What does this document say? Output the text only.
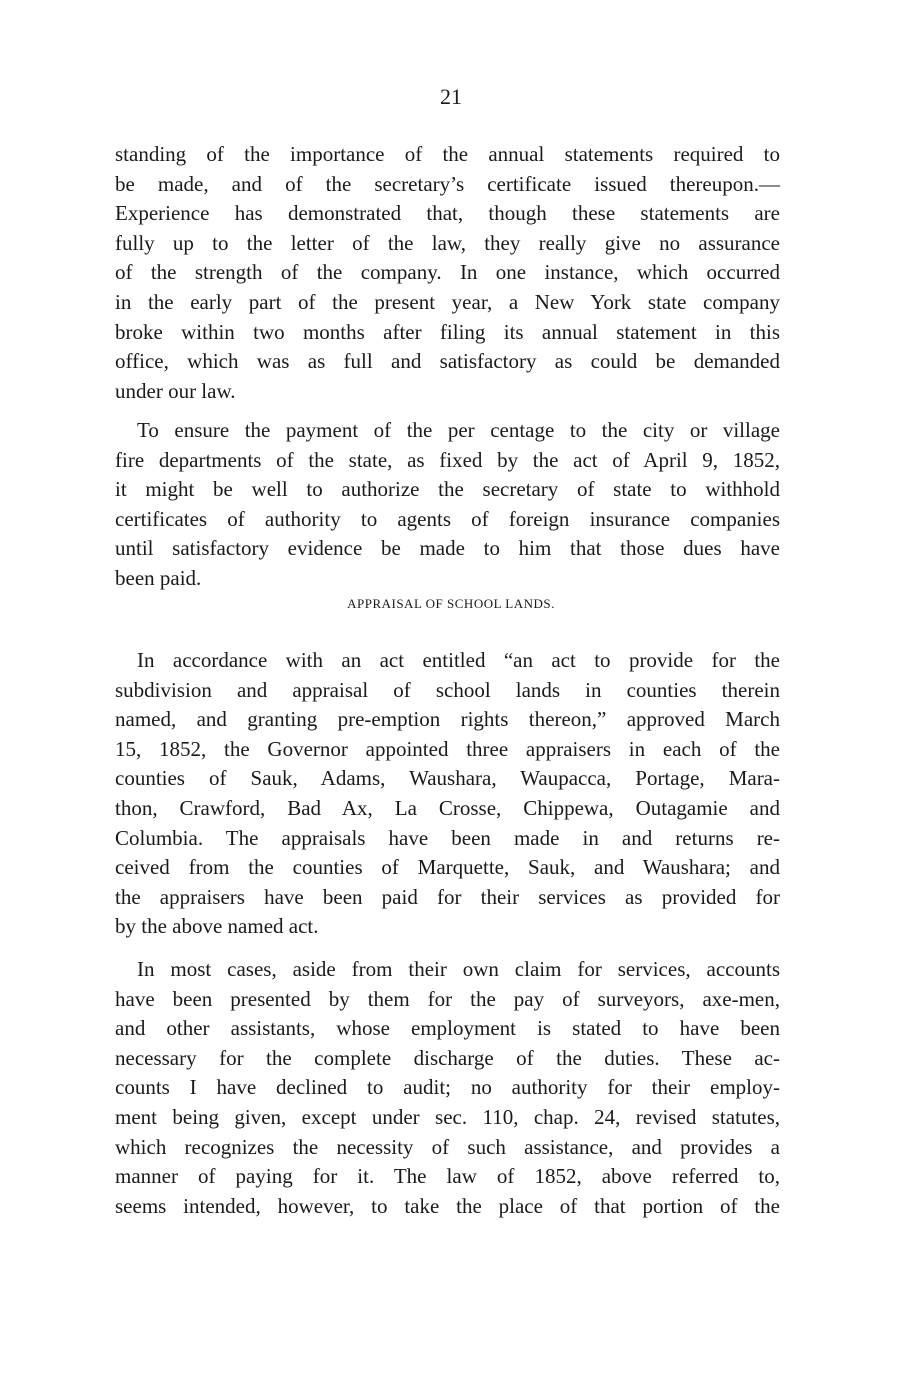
21
standing of the importance of the annual statements required to
be made, and of the secretary’s certificate issued thereupon.—
Experience has demonstrated that, though these statements are
fully up to the letter of the law, they really give no assurance
of the strength of the company. In one instance, which occurred
in the early part of the present year, a New York state company
broke within two months after filing its annual statement in this
office, which was as full and satisfactory as could be demanded
under our law.
To ensure the payment of the per centage to the city or village
fire departments of the state, as fixed by the act of April 9, 1852,
it might be well to authorize the secretary of state to withhold
certificates of authority to agents of foreign insurance companies
until satisfactory evidence be made to him that those dues have
been paid.
APPRAISAL OF SCHOOL LANDS.
In accordance with an act entitled “an act to provide for the
subdivision and appraisal of school lands in counties therein
named, and granting pre-emption rights thereon,” approved March
15, 1852, the Governor appointed three appraisers in each of the
counties of Sauk, Adams, Waushara, Waupacca, Portage, Mara-
thon, Crawford, Bad Ax, La Crosse, Chippewa, Outagamie and
Columbia. The appraisals have been made in and returns re-
ceived from the counties of Marquette, Sauk, and Waushara; and
the appraisers have been paid for their services as provided for
by the above named act.
In most cases, aside from their own claim for services, accounts
have been presented by them for the pay of surveyors, axe-men,
and other assistants, whose employment is stated to have been
necessary for the complete discharge of the duties. These ac-
counts I have declined to audit; no authority for their employ-
ment being given, except under sec. 110, chap. 24, revised statutes,
which recognizes the necessity of such assistance, and provides a
manner of paying for it. The law of 1852, above referred to,
seems intended, however, to take the place of that portion of the
